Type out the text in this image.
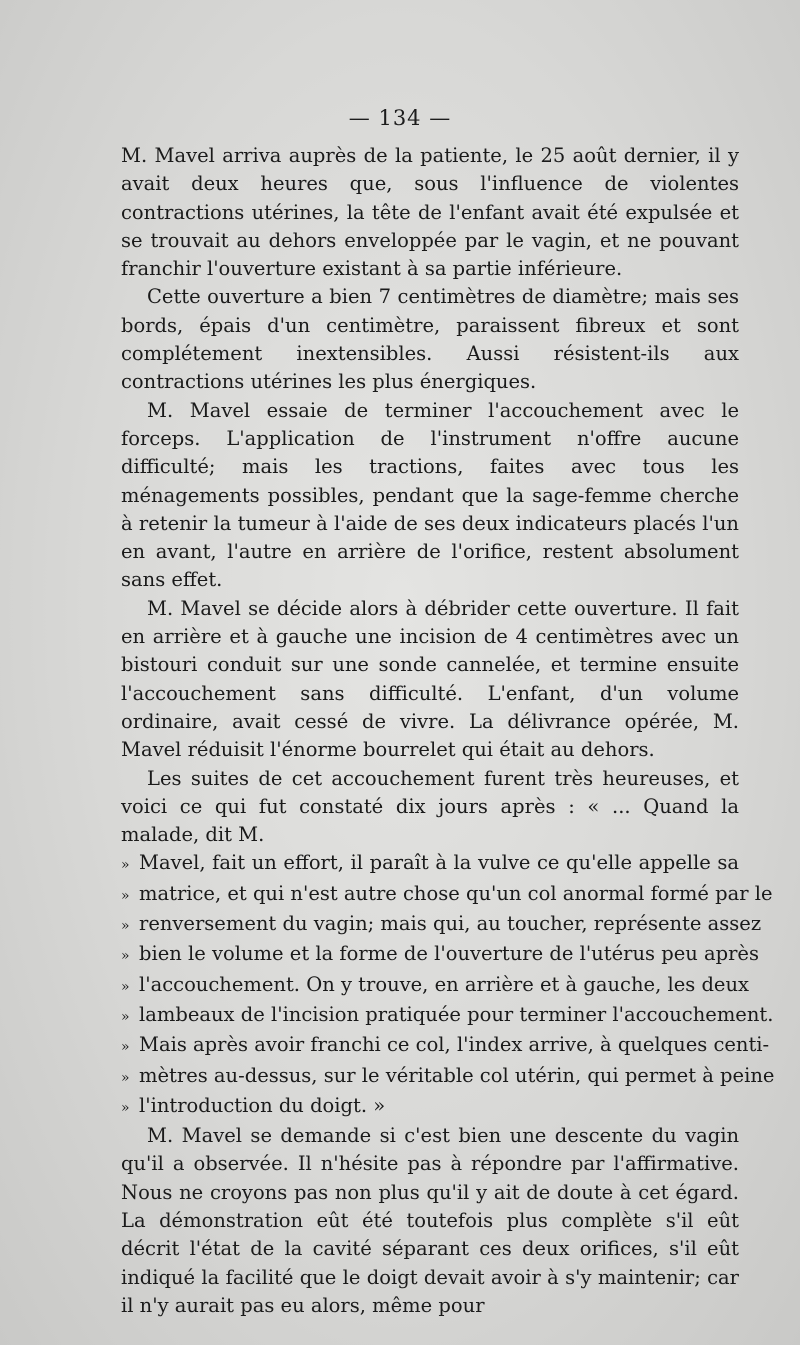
— 134 —

M. Mavel arriva auprès de la patiente, le 25 août dernier, il y avait deux heures que, sous l'influence de violentes contractions utérines, la tête de l'enfant avait été expulsée et se trouvait au dehors enveloppée par le vagin, et ne pouvant franchir l'ouverture existant à sa partie inférieure.

Cette ouverture a bien 7 centimètres de diamètre; mais ses bords, épais d'un centimètre, paraissent fibreux et sont complétement inextensibles. Aussi résistent-ils aux contractions utérines les plus énergiques.

M. Mavel essaie de terminer l'accouchement avec le forceps. L'application de l'instrument n'offre aucune difficulté; mais les tractions, faites avec tous les ménagements possibles, pendant que la sage-femme cherche à retenir la tumeur à l'aide de ses deux indicateurs placés l'un en avant, l'autre en arrière de l'orifice, restent absolument sans effet.

M. Mavel se décide alors à débrider cette ouverture. Il fait en arrière et à gauche une incision de 4 centimètres avec un bistouri conduit sur une sonde cannelée, et termine ensuite l'accouchement sans difficulté. L'enfant, d'un volume ordinaire, avait cessé de vivre. La délivrance opérée, M. Mavel réduisit l'énorme bourrelet qui était au dehors.

Les suites de cet accouchement furent très heureuses, et voici ce qui fut constaté dix jours après : « ... Quand la malade, dit M.

» Mavel, fait un effort, il paraît à la vulve ce qu'elle appelle sa
» matrice, et qui n'est autre chose qu'un col anormal formé par le
» renversement du vagin; mais qui, au toucher, représente assez
» bien le volume et la forme de l'ouverture de l'utérus peu après
» l'accouchement. On y trouve, en arrière et à gauche, les deux
» lambeaux de l'incision pratiquée pour terminer l'accouchement.
» Mais après avoir franchi ce col, l'index arrive, à quelques centi-
» mètres au-dessus, sur le véritable col utérin, qui permet à peine
» l'introduction du doigt. »

M. Mavel se demande si c'est bien une descente du vagin qu'il a observée. Il n'hésite pas à répondre par l'affirmative. Nous ne croyons pas non plus qu'il y ait de doute à cet égard. La démonstration eût été toutefois plus complète s'il eût décrit l'état de la cavité séparant ces deux orifices, s'il eût indiqué la facilité que le doigt devait avoir à s'y maintenir; car il n'y aurait pas eu alors, même pour
